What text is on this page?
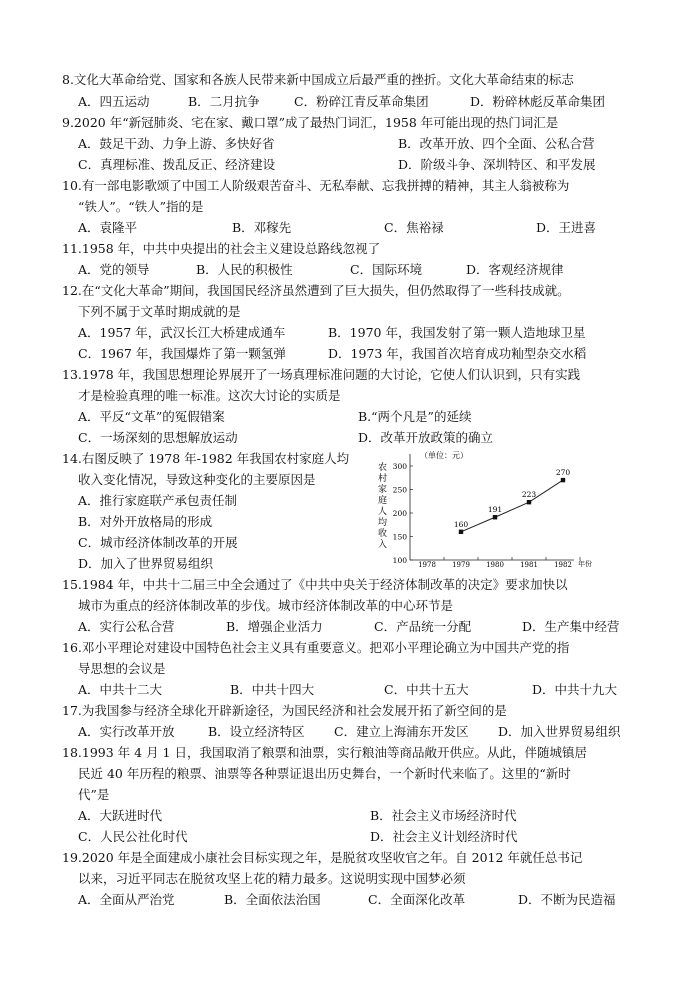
8.文化大革命给党、国家和各族人民带来新中国成立后最严重的挫折。文化大革命结束的标志
A．四五运动	B．二月抗争	C．粉碎江青反革命集团	D．粉碎林彪反革命集团
9.2020 年“新冠肺炎、宅在家、戴口罩”成了最热门词汇，1958 年可能出现的热门词汇是
A．鼓足干劲、力争上游、多快好省	B．改革开放、四个全面、公私合营
C．真理标准、拨乱反正、经济建设	D．阶级斗争、深圳特区、和平发展
10.有一部电影歌颂了中国工人阶级艰苦奋斗、无私奉献、忘我拼搏的精神，其主人翁被称为
“铁人”。“铁人”指的是
A．袁隆平	B．邓稼先	C．焦裕禄	D．王进喜
11.1958 年，中共中央提出的社会主义建设总路线忽视了
A．党的领导	B．人民的积极性	C．国际环境	D．客观经济规律
12.在“文化大革命”期间，我国国民经济虽然遭到了巨大损失，但仍然取得了一些科技成就。
下列不属于文革时期成就的是
A．1957 年，武汉长江大桥建成通车	B．1970 年，我国发射了第一颗人造地球卫星
C．1967 年，我国爆炸了第一颗氢弹	D．1973 年，我国首次培育成功籼型杂交水稻
13.1978 年，我国思想理论界展开了一场真理标准问题的大讨论，它使人们认识到，只有实践
才是检验真理的唯一标准。这次大讨论的实质是
A．平反“文革”的冤假错案	B.“两个凡是”的延续
C．一场深刻的思想解放运动	D．改革开放政策的确立
14.右图反映了 1978 年-1982 年我国农村家庭人均
收入变化情况，导致这种变化的主要原因是
A．推行家庭联产承包责任制
B．对外开放格局的形成
C．城市经济体制改革的开展
D．加入了世界贸易组织
（单位：元）
农
村
家
庭
人
均
收
入
300
250
200
150
100 1978 1979 1980 1981 1982 年份
160
191
223
270
15.1984 年，中共十二届三中全会通过了《中共中央关于经济体制改革的决定》要求加快以
城市为重点的经济体制改革的步伐。城市经济体制改革的中心环节是
A．实行公私合营	B．增强企业活力	C．产品统一分配	D．生产集中经营
16.邓小平理论对建设中国特色社会主义具有重要意义。把邓小平理论确立为中国共产党的指
导思想的会议是
A．中共十二大	B．中共十四大	C．中共十五大	D．中共十九大
17.为我国参与经济全球化开辟新途径，为国民经济和社会发展开拓了新空间的是
A．实行改革开放	B．设立经济特区 C．建立上海浦东开发区 D．加入世界贸易组织
18.1993 年 4 月 1 日，我国取消了粮票和油票，实行粮油等商品敞开供应。从此，伴随城镇居
民近 40 年历程的粮票、油票等各种票证退出历史舞台，一个新时代来临了。这里的“新时
代”是
A．大跃进时代	B．社会主义市场经济时代
C．人民公社化时代	D．社会主义计划经济时代
19.2020 年是全面建成小康社会目标实现之年，是脱贫攻坚收官之年。自 2012 年就任总书记
以来，习近平同志在脱贫攻坚上花的精力最多。这说明实现中国梦必须
A．全面从严治党	B．全面依法治国	C．全面深化改革	D．不断为民造福
